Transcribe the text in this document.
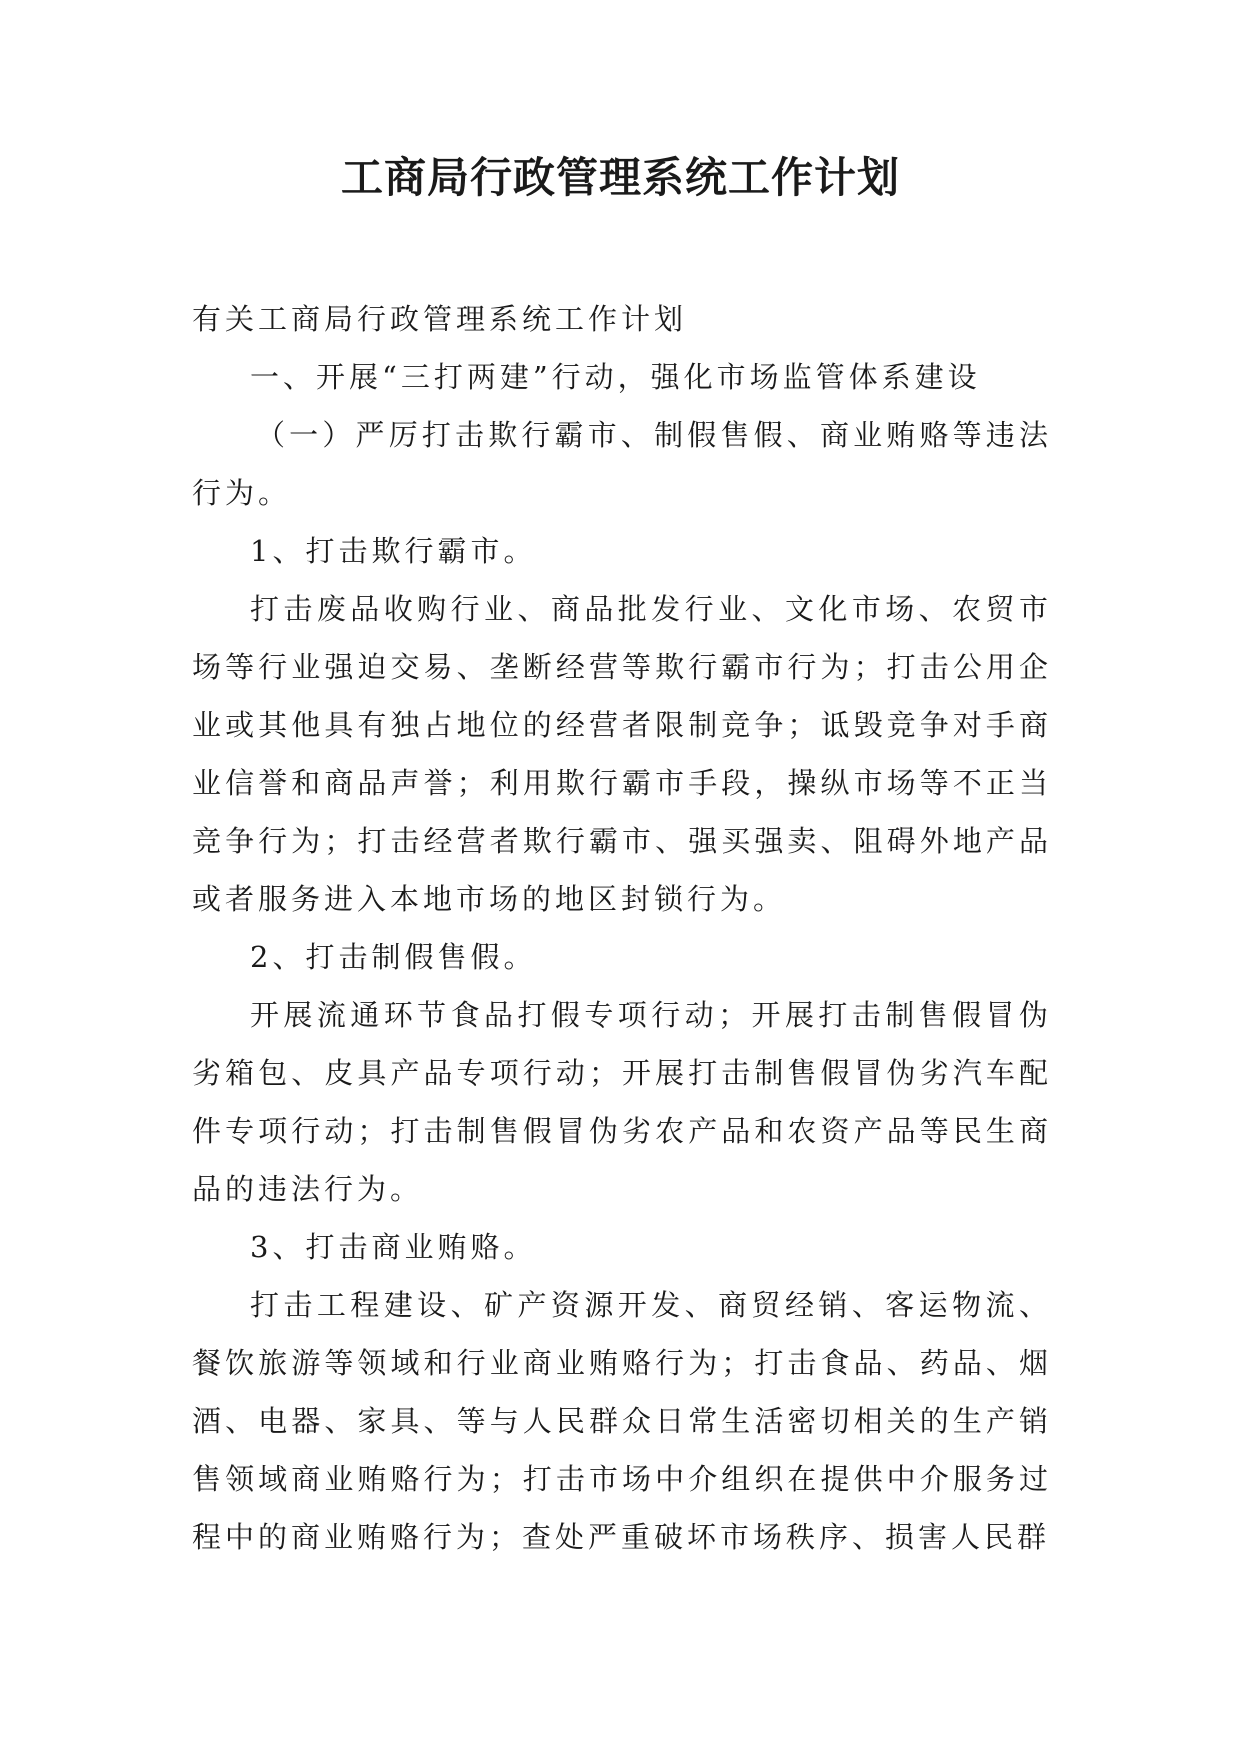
工商局行政管理系统工作计划

有关工商局行政管理系统工作计划

一、开展“三打两建”行动，强化市场监管体系建设

（一）严厉打击欺行霸市、制假售假、商业贿赂等违法行为。

1、打击欺行霸市。

打击废品收购行业、商品批发行业、文化市场、农贸市场等行业强迫交易、垄断经营等欺行霸市行为；打击公用企业或其他具有独占地位的经营者限制竞争；诋毁竞争对手商业信誉和商品声誉；利用欺行霸市手段，操纵市场等不正当竞争行为；打击经营者欺行霸市、强买强卖、阻碍外地产品或者服务进入本地市场的地区封锁行为。

2、打击制假售假。

开展流通环节食品打假专项行动；开展打击制售假冒伪劣箱包、皮具产品专项行动；开展打击制售假冒伪劣汽车配件专项行动；打击制售假冒伪劣农产品和农资产品等民生商品的违法行为。

3、打击商业贿赂。

打击工程建设、矿产资源开发、商贸经销、客运物流、餐饮旅游等领域和行业商业贿赂行为；打击食品、药品、烟酒、电器、家具、等与人民群众日常生活密切相关的生产销售领域商业贿赂行为；打击市场中介组织在提供中介服务过程中的商业贿赂行为；查处严重破坏市场秩序、损害人民群
